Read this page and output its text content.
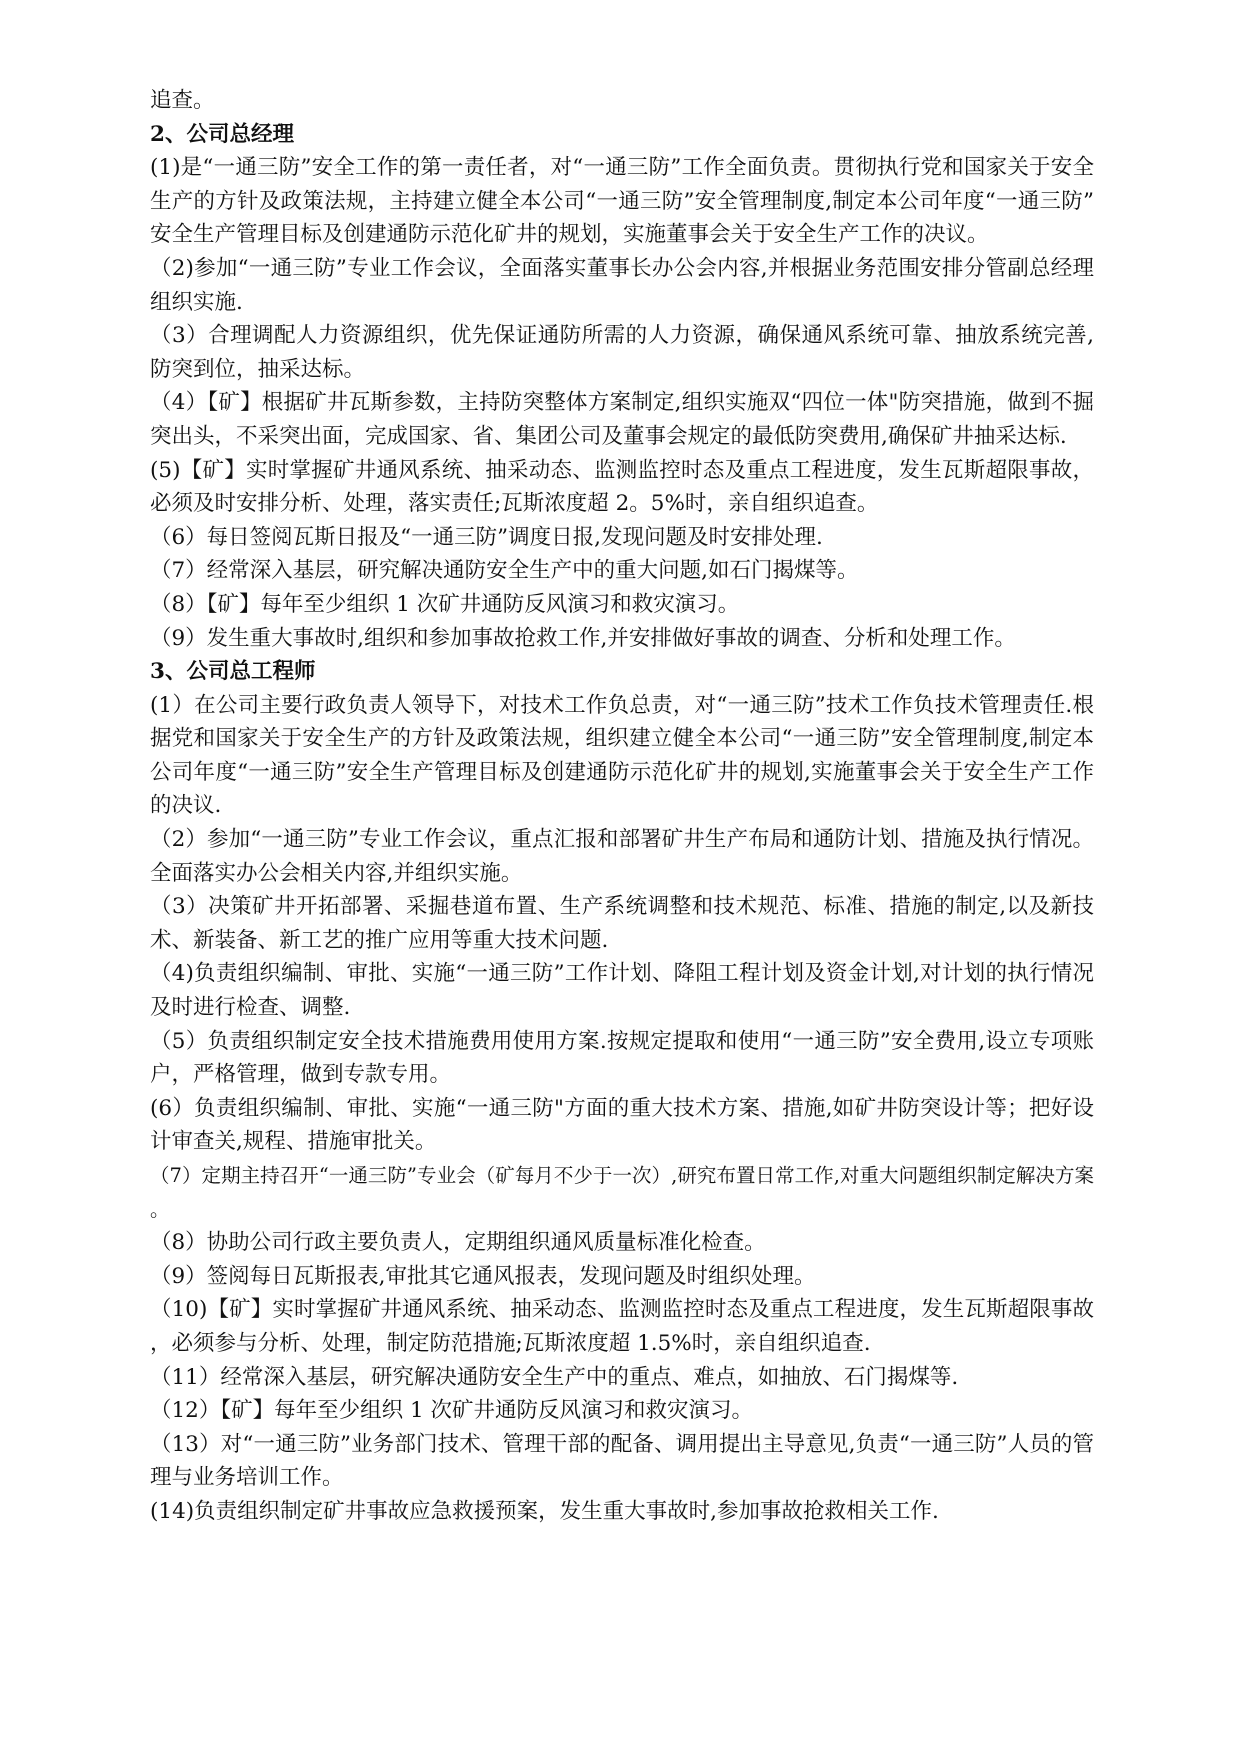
追查。

2、公司总经理

(1)是“一通三防”安全工作的第一责任者，对“一通三防”工作全面负责。贯彻执行党和国家关于安全生产的方针及政策法规，主持建立健全本公司“一通三防”安全管理制度,制定本公司年度“一通三防”安全生产管理目标及创建通防示范化矿井的规划，实施董事会关于安全生产工作的决议。

（2)参加“一通三防”专业工作会议，全面落实董事长办公会内容,并根据业务范围安排分管副总经理组织实施.

（3）合理调配人力资源组织，优先保证通防所需的人力资源，确保通风系统可靠、抽放系统完善,防突到位，抽采达标。

（4）【矿】根据矿井瓦斯参数，主持防突整体方案制定,组织实施双“四位一体"防突措施，做到不掘突出头，不采突出面，完成国家、省、集团公司及董事会规定的最低防突费用,确保矿井抽采达标.

(5)【矿】实时掌握矿井通风系统、抽采动态、监测监控时态及重点工程进度，发生瓦斯超限事故，必须及时安排分析、处理，落实责任;瓦斯浓度超 2。5%时，亲自组织追查。

（6）每日签阅瓦斯日报及“一通三防”调度日报,发现问题及时安排处理.

（7）经常深入基层，研究解决通防安全生产中的重大问题,如石门揭煤等。

（8）【矿】每年至少组织 1 次矿井通防反风演习和救灾演习。

（9）发生重大事故时,组织和参加事故抢救工作,并安排做好事故的调查、分析和处理工作。

3、公司总工程师

(1）在公司主要行政负责人领导下，对技术工作负总责，对“一通三防”技术工作负技术管理责任.根据党和国家关于安全生产的方针及政策法规，组织建立健全本公司“一通三防”安全管理制度,制定本公司年度“一通三防”安全生产管理目标及创建通防示范化矿井的规划,实施董事会关于安全生产工作的决议.

（2）参加“一通三防”专业工作会议，重点汇报和部署矿井生产布局和通防计划、措施及执行情况。全面落实办公会相关内容,并组织实施。

（3）决策矿井开拓部署、采掘巷道布置、生产系统调整和技术规范、标准、措施的制定,以及新技术、新装备、新工艺的推广应用等重大技术问题.

（4)负责组织编制、审批、实施“一通三防”工作计划、降阻工程计划及资金计划,对计划的执行情况及时进行检查、调整.

（5）负责组织制定安全技术措施费用使用方案.按规定提取和使用“一通三防”安全费用,设立专项账户，严格管理，做到专款专用。

(6）负责组织编制、审批、实施“一通三防"方面的重大技术方案、措施,如矿井防突设计等；把好设计审查关,规程、措施审批关。

（7）定期主持召开“一通三防”专业会（矿每月不少于一次）,研究布置日常工作,对重大问题组织制定解决方案。

（8）协助公司行政主要负责人，定期组织通风质量标准化检查。

（9）签阅每日瓦斯报表,审批其它通风报表，发现问题及时组织处理。

（10)【矿】实时掌握矿井通风系统、抽采动态、监测监控时态及重点工程进度，发生瓦斯超限事故，必须参与分析、处理，制定防范措施;瓦斯浓度超 1.5%时，亲自组织追查.

（11）经常深入基层，研究解决通防安全生产中的重点、难点，如抽放、石门揭煤等.

（12）【矿】每年至少组织 1 次矿井通防反风演习和救灾演习。

（13）对“一通三防”业务部门技术、管理干部的配备、调用提出主导意见,负责“一通三防”人员的管理与业务培训工作。

(14)负责组织制定矿井事故应急救援预案，发生重大事故时,参加事故抢救相关工作.
